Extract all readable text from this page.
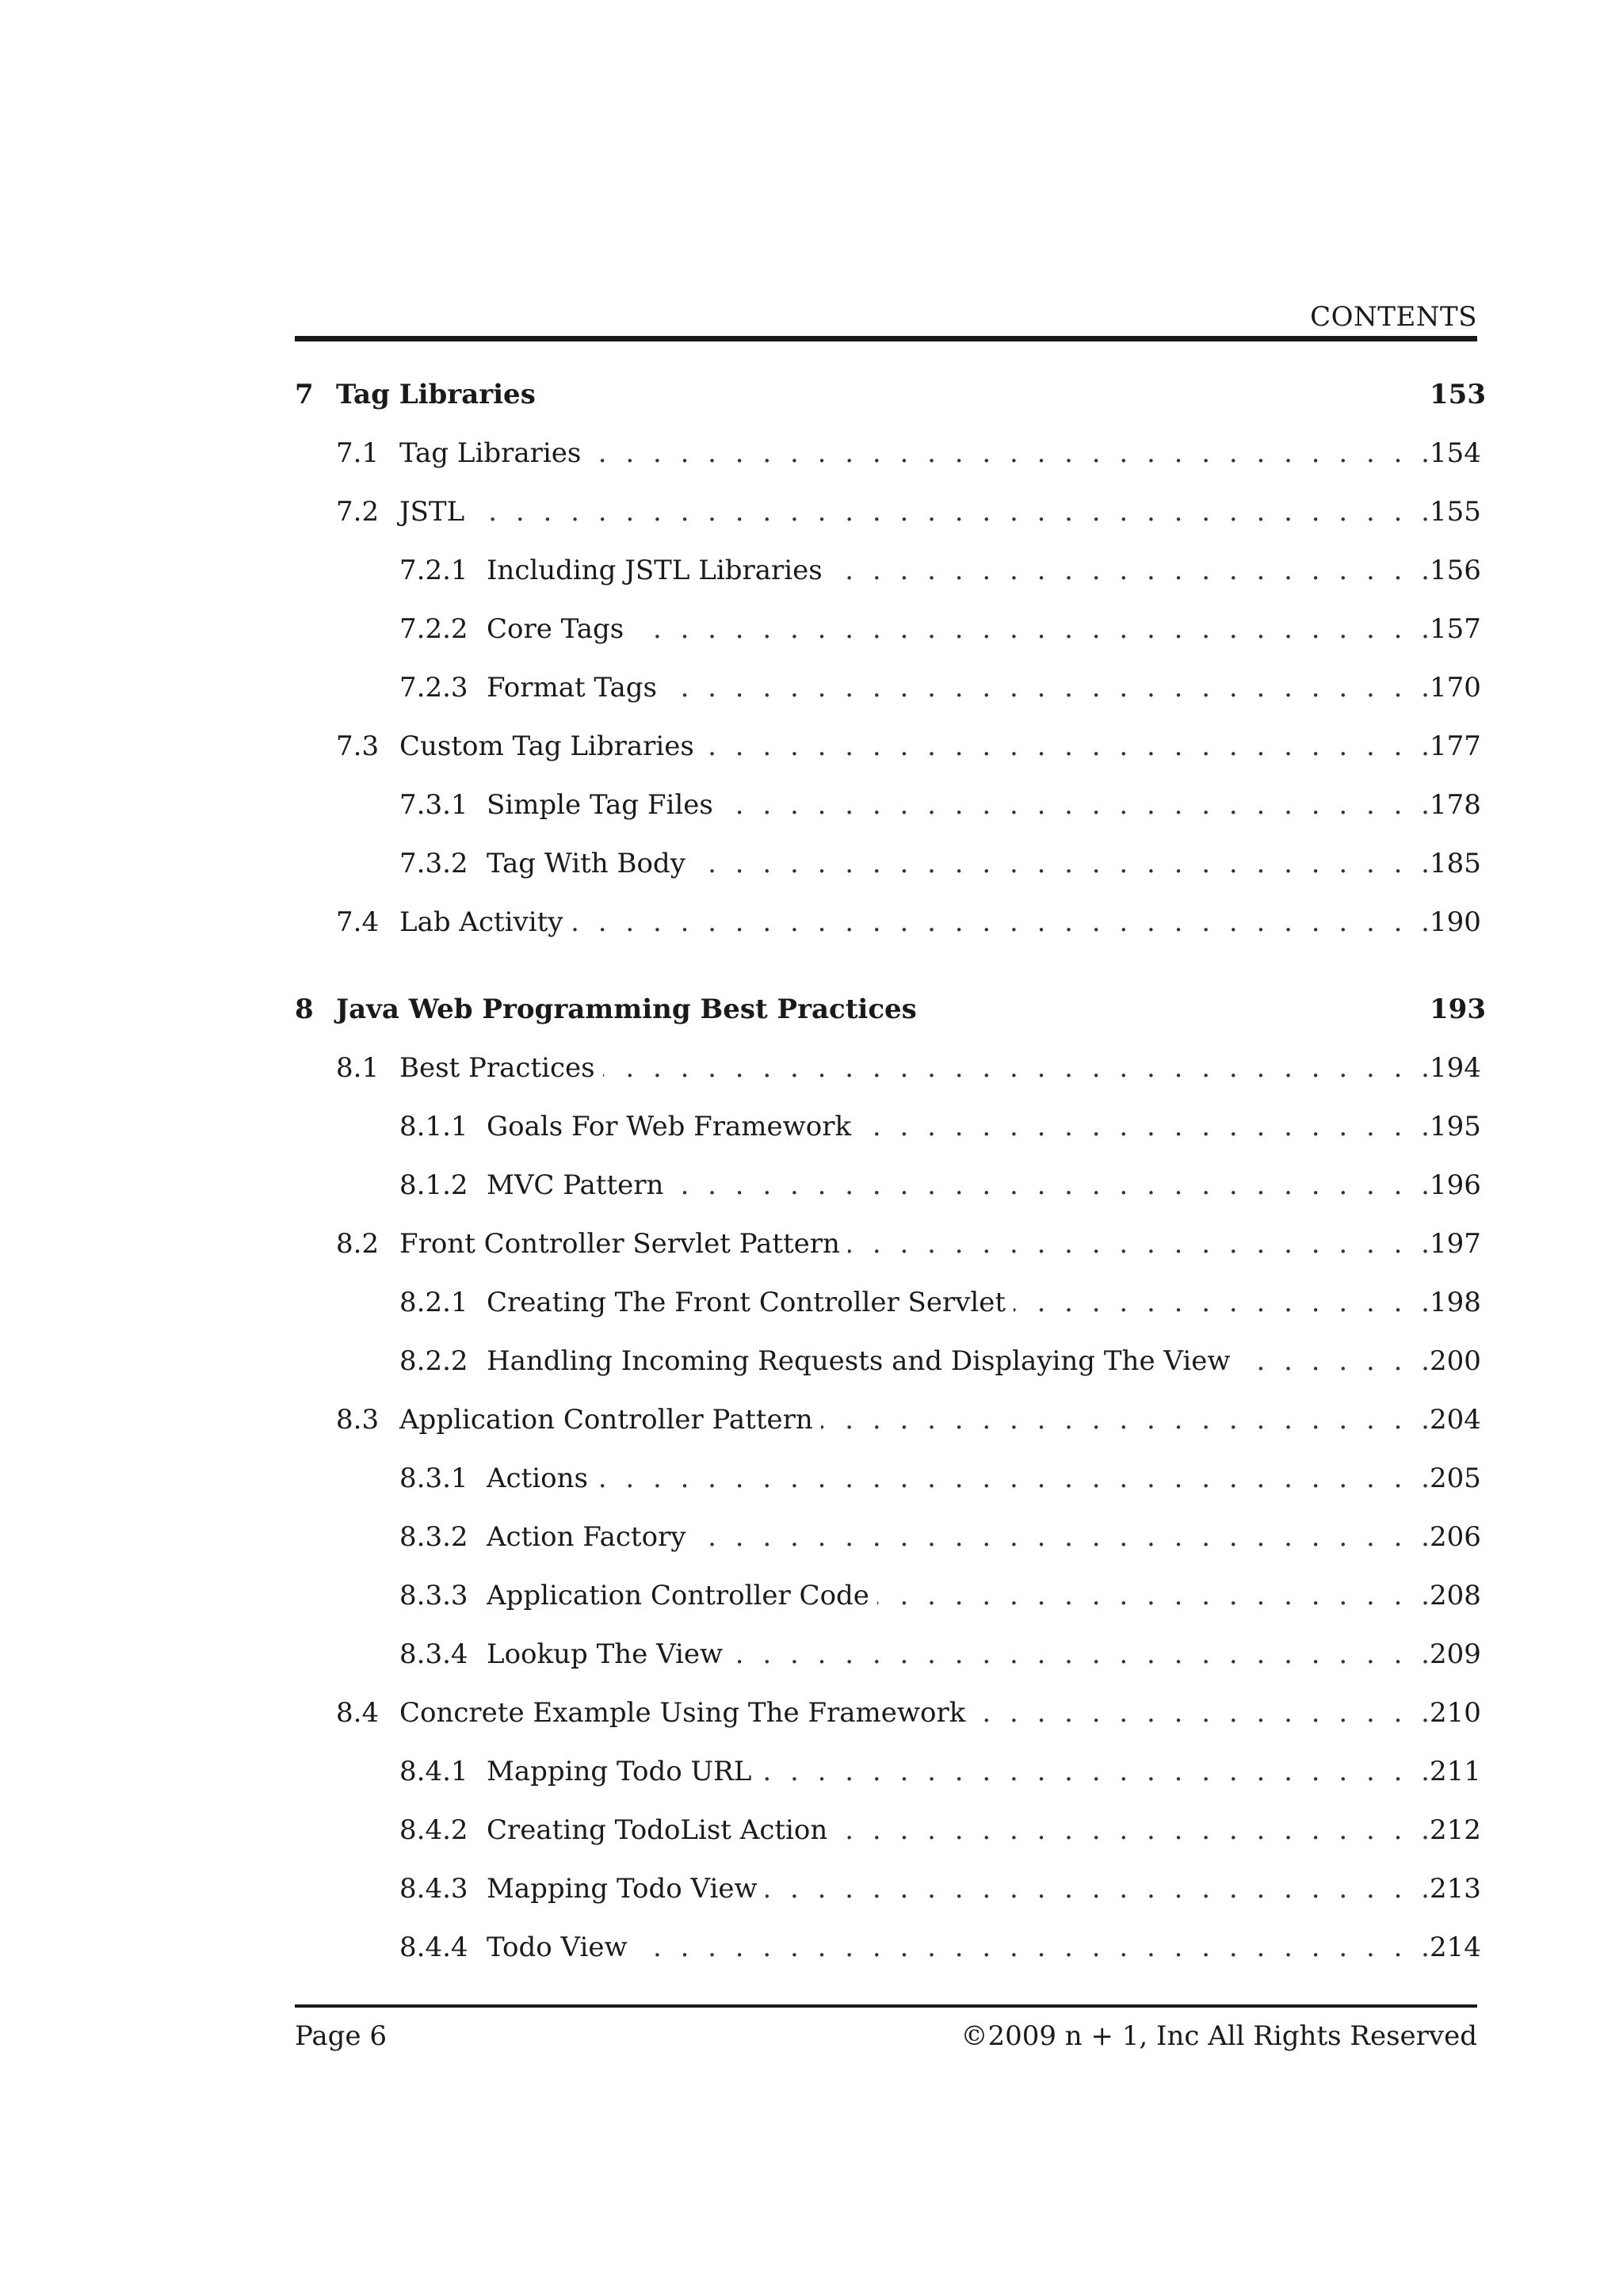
CONTENTS
7 Tag Libraries	153
7.1 Tag Libraries . . .	154
7.2 JSTL . . .	155
7.2.1 Including JSTL Libraries . . .	156
7.2.2 Core Tags . . .	157
7.2.3 Format Tags . . .	170
7.3 Custom Tag Libraries . . .	177
7.3.1 Simple Tag Files . . .	178
7.3.2 Tag With Body . . .	185
7.4 Lab Activity . . .	190
8 Java Web Programming Best Practices	193
8.1 Best Practices . . .	194
8.1.1 Goals For Web Framework . . .	195
8.1.2 MVC Pattern . . .	196
8.2 Front Controller Servlet Pattern . . .	197
8.2.1 Creating The Front Controller Servlet . . .	198
8.2.2 Handling Incoming Requests and Displaying The View . . .	200
8.3 Application Controller Pattern . . .	204
8.3.1 Actions . . .	205
8.3.2 Action Factory . . .	206
8.3.3 Application Controller Code . . .	208
8.3.4 Lookup The View . . .	209
8.4 Concrete Example Using The Framework . . .	210
8.4.1 Mapping Todo URL . . .	211
8.4.2 Creating TodoList Action . . .	212
8.4.3 Mapping Todo View . . .	213
8.4.4 Todo View . . .	214
Page 6	©2009 n + 1, Inc All Rights Reserved
